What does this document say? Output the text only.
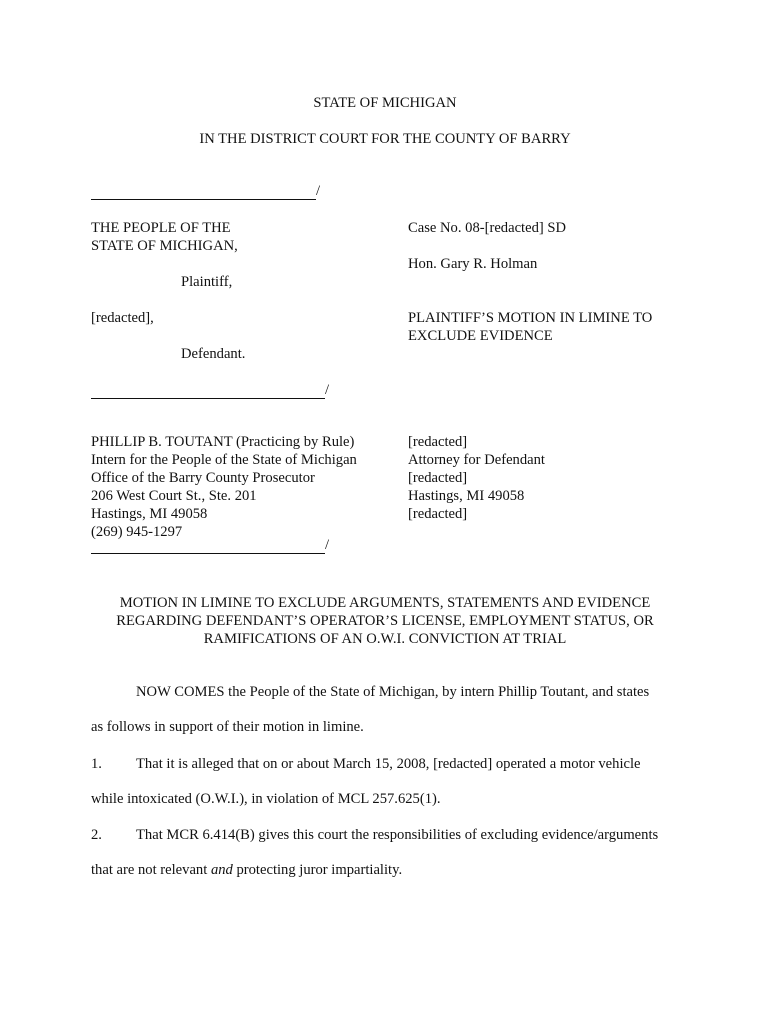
STATE OF MICHIGAN
IN THE DISTRICT COURT FOR THE COUNTY OF BARRY
/
THE PEOPLE OF THE
STATE OF MICHIGAN,
Plaintiff,
[redacted],
Defendant.
Case No. 08-[redacted] SD
Hon. Gary R. Holman
PLAINTIFF’S MOTION IN LIMINE TO
EXCLUDE EVIDENCE
/
PHILLIP B. TOUTANT (Practicing by Rule)
Intern for the People of the State of Michigan
Office of the Barry County Prosecutor
206 West Court St., Ste. 201
Hastings, MI 49058
(269) 945-1297
[redacted]
Attorney for Defendant
[redacted]
Hastings, MI 49058
[redacted]
/
MOTION IN LIMINE TO EXCLUDE ARGUMENTS, STATEMENTS AND EVIDENCE
REGARDING DEFENDANT’S OPERATOR’S LICENSE, EMPLOYMENT STATUS, OR
RAMIFICATIONS OF AN O.W.I. CONVICTION AT TRIAL
NOW COMES the People of the State of Michigan, by intern Phillip Toutant, and states
as follows in support of their motion in limine.
1. That it is alleged that on or about March 15, 2008, [redacted] operated a motor vehicle
while intoxicated (O.W.I.), in violation of MCL 257.625(1).
2. That MCR 6.414(B) gives this court the responsibilities of excluding evidence/arguments
that are not relevant and protecting juror impartiality.
